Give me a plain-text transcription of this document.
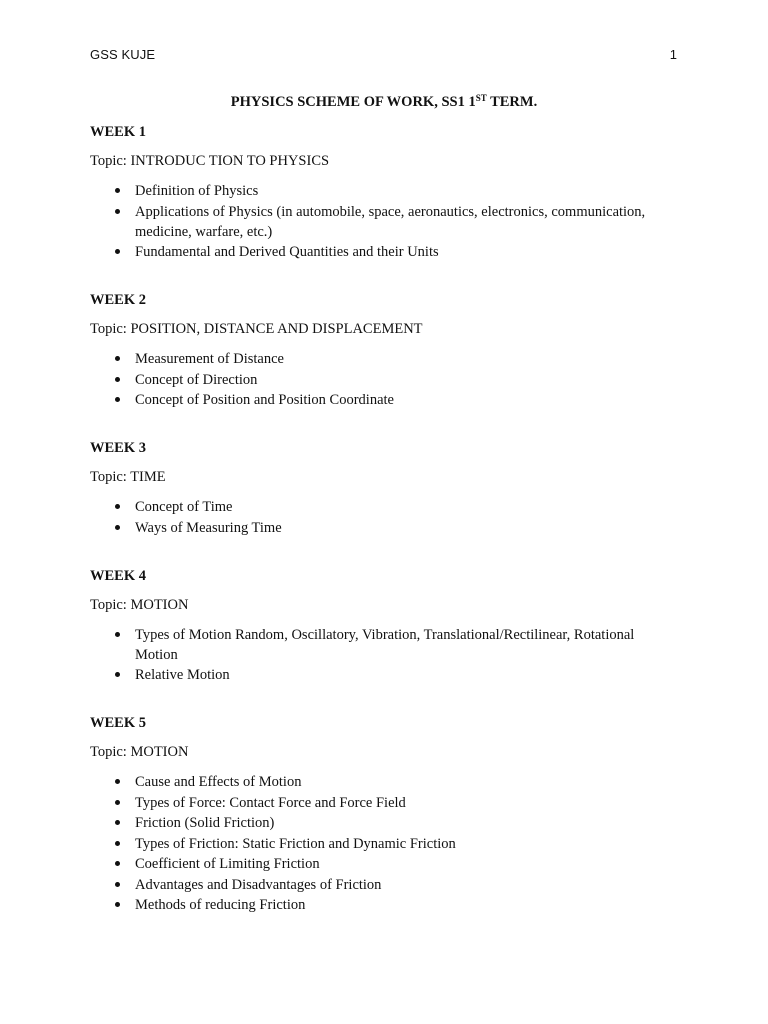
GSS KUJE	1
PHYSICS SCHEME OF WORK, SS1 1ST TERM.
WEEK 1
Topic: INTRODUC TION TO PHYSICS
Definition of Physics
Applications of Physics (in automobile, space, aeronautics, electronics, communication, medicine, warfare, etc.)
Fundamental and Derived Quantities and their Units
WEEK 2
Topic: POSITION, DISTANCE AND DISPLACEMENT
Measurement of Distance
Concept of Direction
Concept of Position and Position Coordinate
WEEK 3
Topic: TIME
Concept of Time
Ways of Measuring Time
WEEK 4
Topic: MOTION
Types of Motion Random, Oscillatory, Vibration, Translational/Rectilinear, Rotational Motion
Relative Motion
WEEK 5
Topic: MOTION
Cause and Effects of Motion
Types of Force: Contact Force and Force Field
Friction (Solid Friction)
Types of Friction: Static Friction and Dynamic Friction
Coefficient of Limiting Friction
Advantages and Disadvantages of Friction
Methods of reducing Friction
